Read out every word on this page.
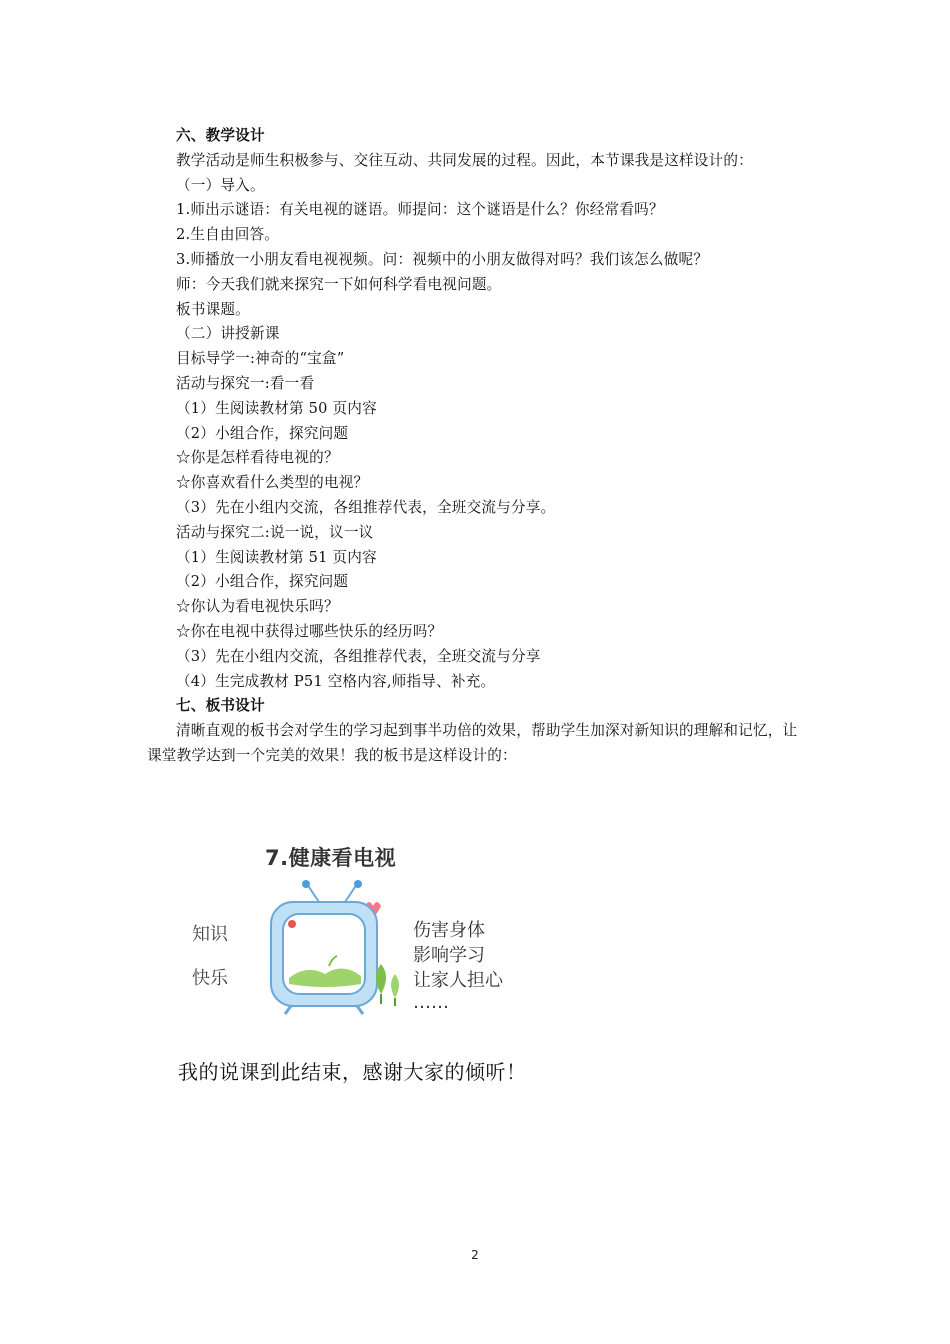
六、教学设计
教学活动是师生积极参与、交往互动、共同发展的过程。因此，本节课我是这样设计的：
（一）导入。
1.师出示谜语：有关电视的谜语。师提问：这个谜语是什么？你经常看吗？
2.生自由回答。
3.师播放一小朋友看电视视频。问：视频中的小朋友做得对吗？我们该怎么做呢？
师：今天我们就来探究一下如何科学看电视问题。
板书课题。
（二）讲授新课
目标导学一:神奇的“宝盒”
活动与探究一:看一看
（1）生阅读教材第 50 页内容
（2）小组合作，探究问题
☆你是怎样看待电视的？
☆你喜欢看什么类型的电视？
（3）先在小组内交流，各组推荐代表，全班交流与分享。
活动与探究二:说一说，议一议
（1）生阅读教材第 51 页内容
（2）小组合作，探究问题
☆你认为看电视快乐吗？
☆你在电视中获得过哪些快乐的经历吗？
（3）先在小组内交流，各组推荐代表，全班交流与分享
（4）生完成教材 P51 空格内容,师指导、补充。
七、板书设计
清晰直观的板书会对学生的学习起到事半功倍的效果，帮助学生加深对新知识的理解和记忆，让课堂教学达到一个完美的效果！我的板书是这样设计的：
7.健康看电视
知识
快乐
伤害身体
影响学习
让家人担心
……
我的说课到此结束，感谢大家的倾听！
2
